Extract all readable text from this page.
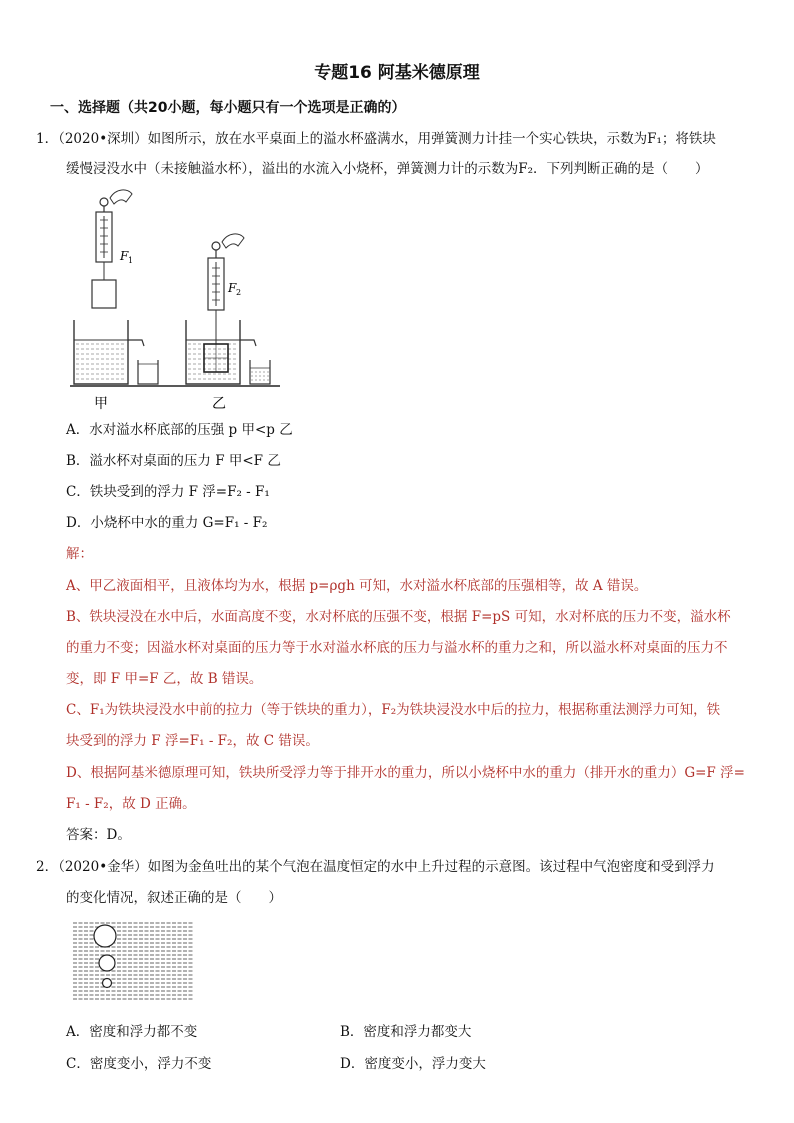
专题16 阿基米德原理
一、选择题（共20小题，每小题只有一个选项是正确的）
1．（2020•深圳）如图所示，放在水平桌面上的溢水杯盛满水，用弹簧测力计挂一个实心铁块，示数为F₁；将铁块
缓慢浸没水中（未接触溢水杯），溢出的水流入小烧杯，弹簧测力计的示数为F₂．下列判断正确的是（　　）
F 1
F 2
甲	乙
A．水对溢水杯底部的压强 p 甲<p 乙
B．溢水杯对桌面的压力 F 甲<F 乙
C．铁块受到的浮力 F 浮=F₂ - F₁
D．小烧杯中水的重力 G=F₁ - F₂
解：
A、甲乙液面相平，且液体均为水，根据 p=ρgh 可知，水对溢水杯底部的压强相等，故 A 错误。
B、铁块浸没在水中后，水面高度不变，水对杯底的压强不变，根据 F=pS 可知，水对杯底的压力不变，溢水杯
的重力不变；因溢水杯对桌面的压力等于水对溢水杯底的压力与溢水杯的重力之和，所以溢水杯对桌面的压力不
变，即 F 甲=F 乙，故 B 错误。
C、F₁为铁块浸没水中前的拉力（等于铁块的重力），F₂为铁块浸没水中后的拉力，根据称重法测浮力可知，铁
块受到的浮力 F 浮=F₁ - F₂，故 C 错误。
D、根据阿基米德原理可知，铁块所受浮力等于排开水的重力，所以小烧杯中水的重力（排开水的重力）G=F 浮=
F₁ - F₂，故 D 正确。
答案：D。
2．（2020•金华）如图为金鱼吐出的某个气泡在温度恒定的水中上升过程的示意图。该过程中气泡密度和受到浮力
的变化情况，叙述正确的是（　　）
A．密度和浮力都不变	B．密度和浮力都变大
C．密度变小，浮力不变	D．密度变小，浮力变大
